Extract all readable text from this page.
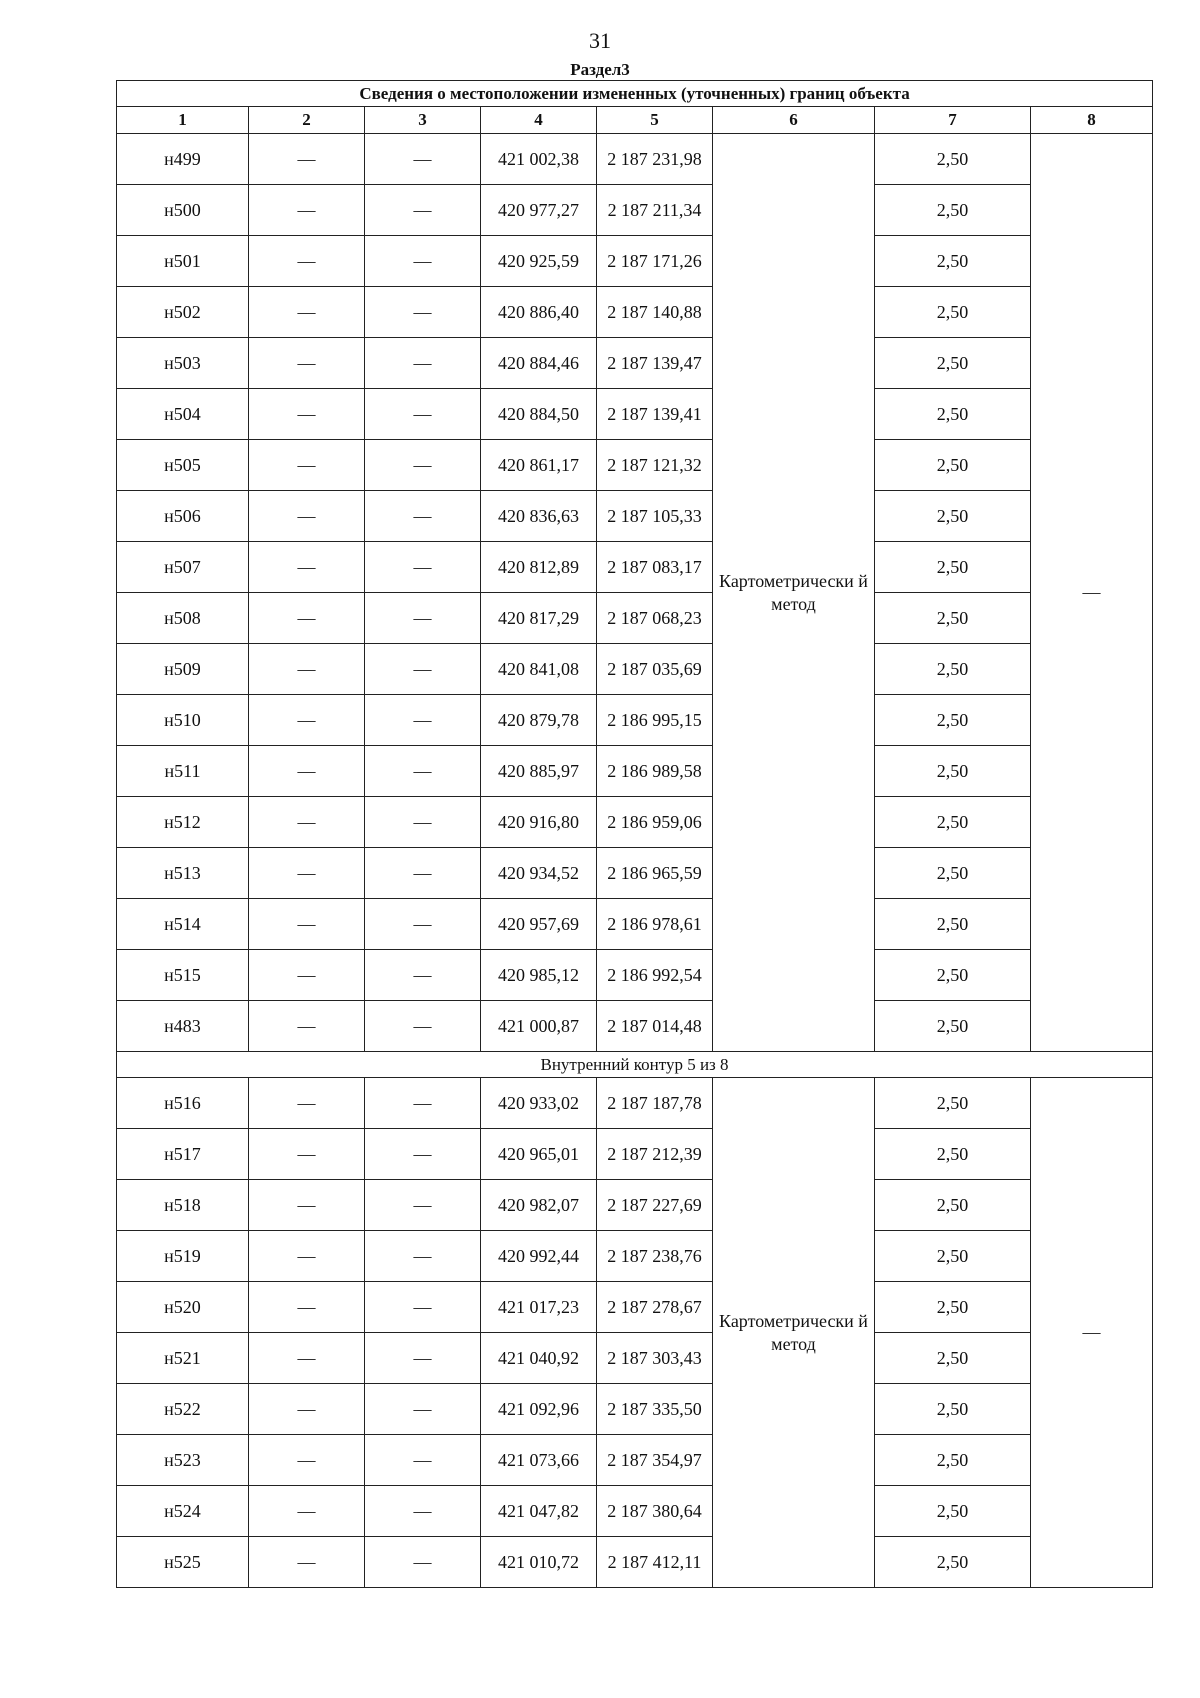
31
Раздел3
Сведения о местоположении измененных (уточненных) границ объекта							
1	2	3	4	5	6	7	8
н499	—	—	421 002,38	2 187 231,98	Картометрически й метод	2,50	—
н500	—	—	420 977,27	2 187 211,34		2,50	
н501	—	—	420 925,59	2 187 171,26		2,50	
н502	—	—	420 886,40	2 187 140,88		2,50	
н503	—	—	420 884,46	2 187 139,47		2,50	
н504	—	—	420 884,50	2 187 139,41		2,50	
н505	—	—	420 861,17	2 187 121,32		2,50	
н506	—	—	420 836,63	2 187 105,33		2,50	
н507	—	—	420 812,89	2 187 083,17		2,50	
н508	—	—	420 817,29	2 187 068,23		2,50	
н509	—	—	420 841,08	2 187 035,69		2,50	
н510	—	—	420 879,78	2 186 995,15		2,50	
н511	—	—	420 885,97	2 186 989,58		2,50	
н512	—	—	420 916,80	2 186 959,06		2,50	
н513	—	—	420 934,52	2 186 965,59		2,50	
н514	—	—	420 957,69	2 186 978,61		2,50	
н515	—	—	420 985,12	2 186 992,54		2,50	
н483	—	—	421 000,87	2 187 014,48		2,50	
Внутренний контур 5 из 8							
н516	—	—	420 933,02	2 187 187,78	Картометрически й метод	2,50	—
н517	—	—	420 965,01	2 187 212,39		2,50	
н518	—	—	420 982,07	2 187 227,69		2,50	
н519	—	—	420 992,44	2 187 238,76		2,50	
н520	—	—	421 017,23	2 187 278,67		2,50	
н521	—	—	421 040,92	2 187 303,43		2,50	
н522	—	—	421 092,96	2 187 335,50		2,50	
н523	—	—	421 073,66	2 187 354,97		2,50	
н524	—	—	421 047,82	2 187 380,64		2,50	
н525	—	—	421 010,72	2 187 412,11		2,50	
